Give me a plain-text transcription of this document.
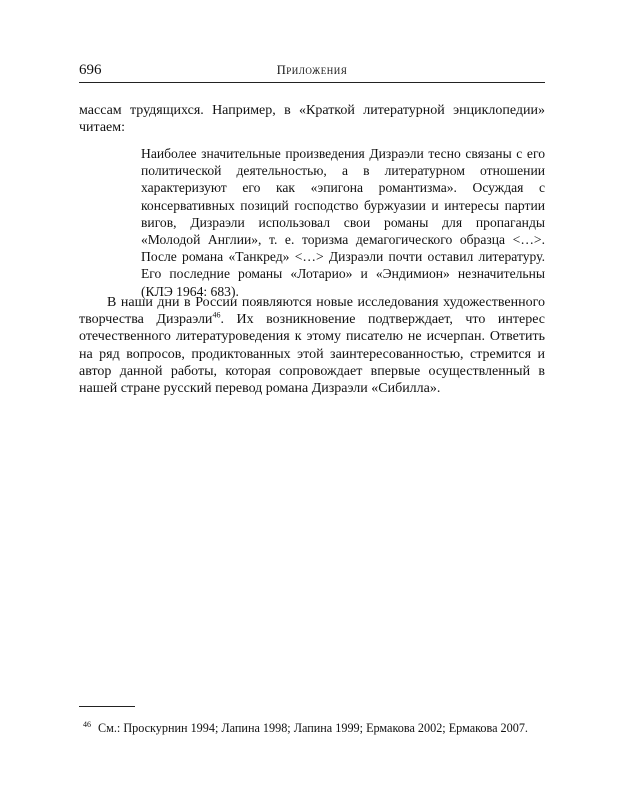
696	Приложения

массам трудящихся. Например, в «Краткой литературной энциклопедии» читаем:

Наиболее значительные произведения Дизраэли тесно связаны с его политической деятельностью, а в литературном отношении характеризуют его как «эпигона романтизма». Осуждая с консервативных позиций господство буржуазии и интересы партии вигов, Дизраэли использовал свои романы для пропаганды «Молодой Англии», т. е. торизма демагогического образца <…>. После романа «Танкред» <…> Дизраэли почти оставил литературу. Его последние романы «Лотарио» и «Эндимион» незначительны (КЛЭ 1964: 683).

В наши дни в России появляются новые исследования художественного творчества Дизраэли$^{46}$. Их возникновение подтверждает, что интерес отечественного литературоведения к этому писателю не исчерпан. Ответить на ряд вопросов, продиктованных этой заинтересованностью, стремится и автор данной работы, которая сопровождает впервые осуществленный в нашей стране русский перевод романа Дизраэли «Сибилла».

$^{46}$ См.: Проскурнин 1994; Лапина 1998; Лапина 1999; Ермакова 2002; Ермакова 2007.
